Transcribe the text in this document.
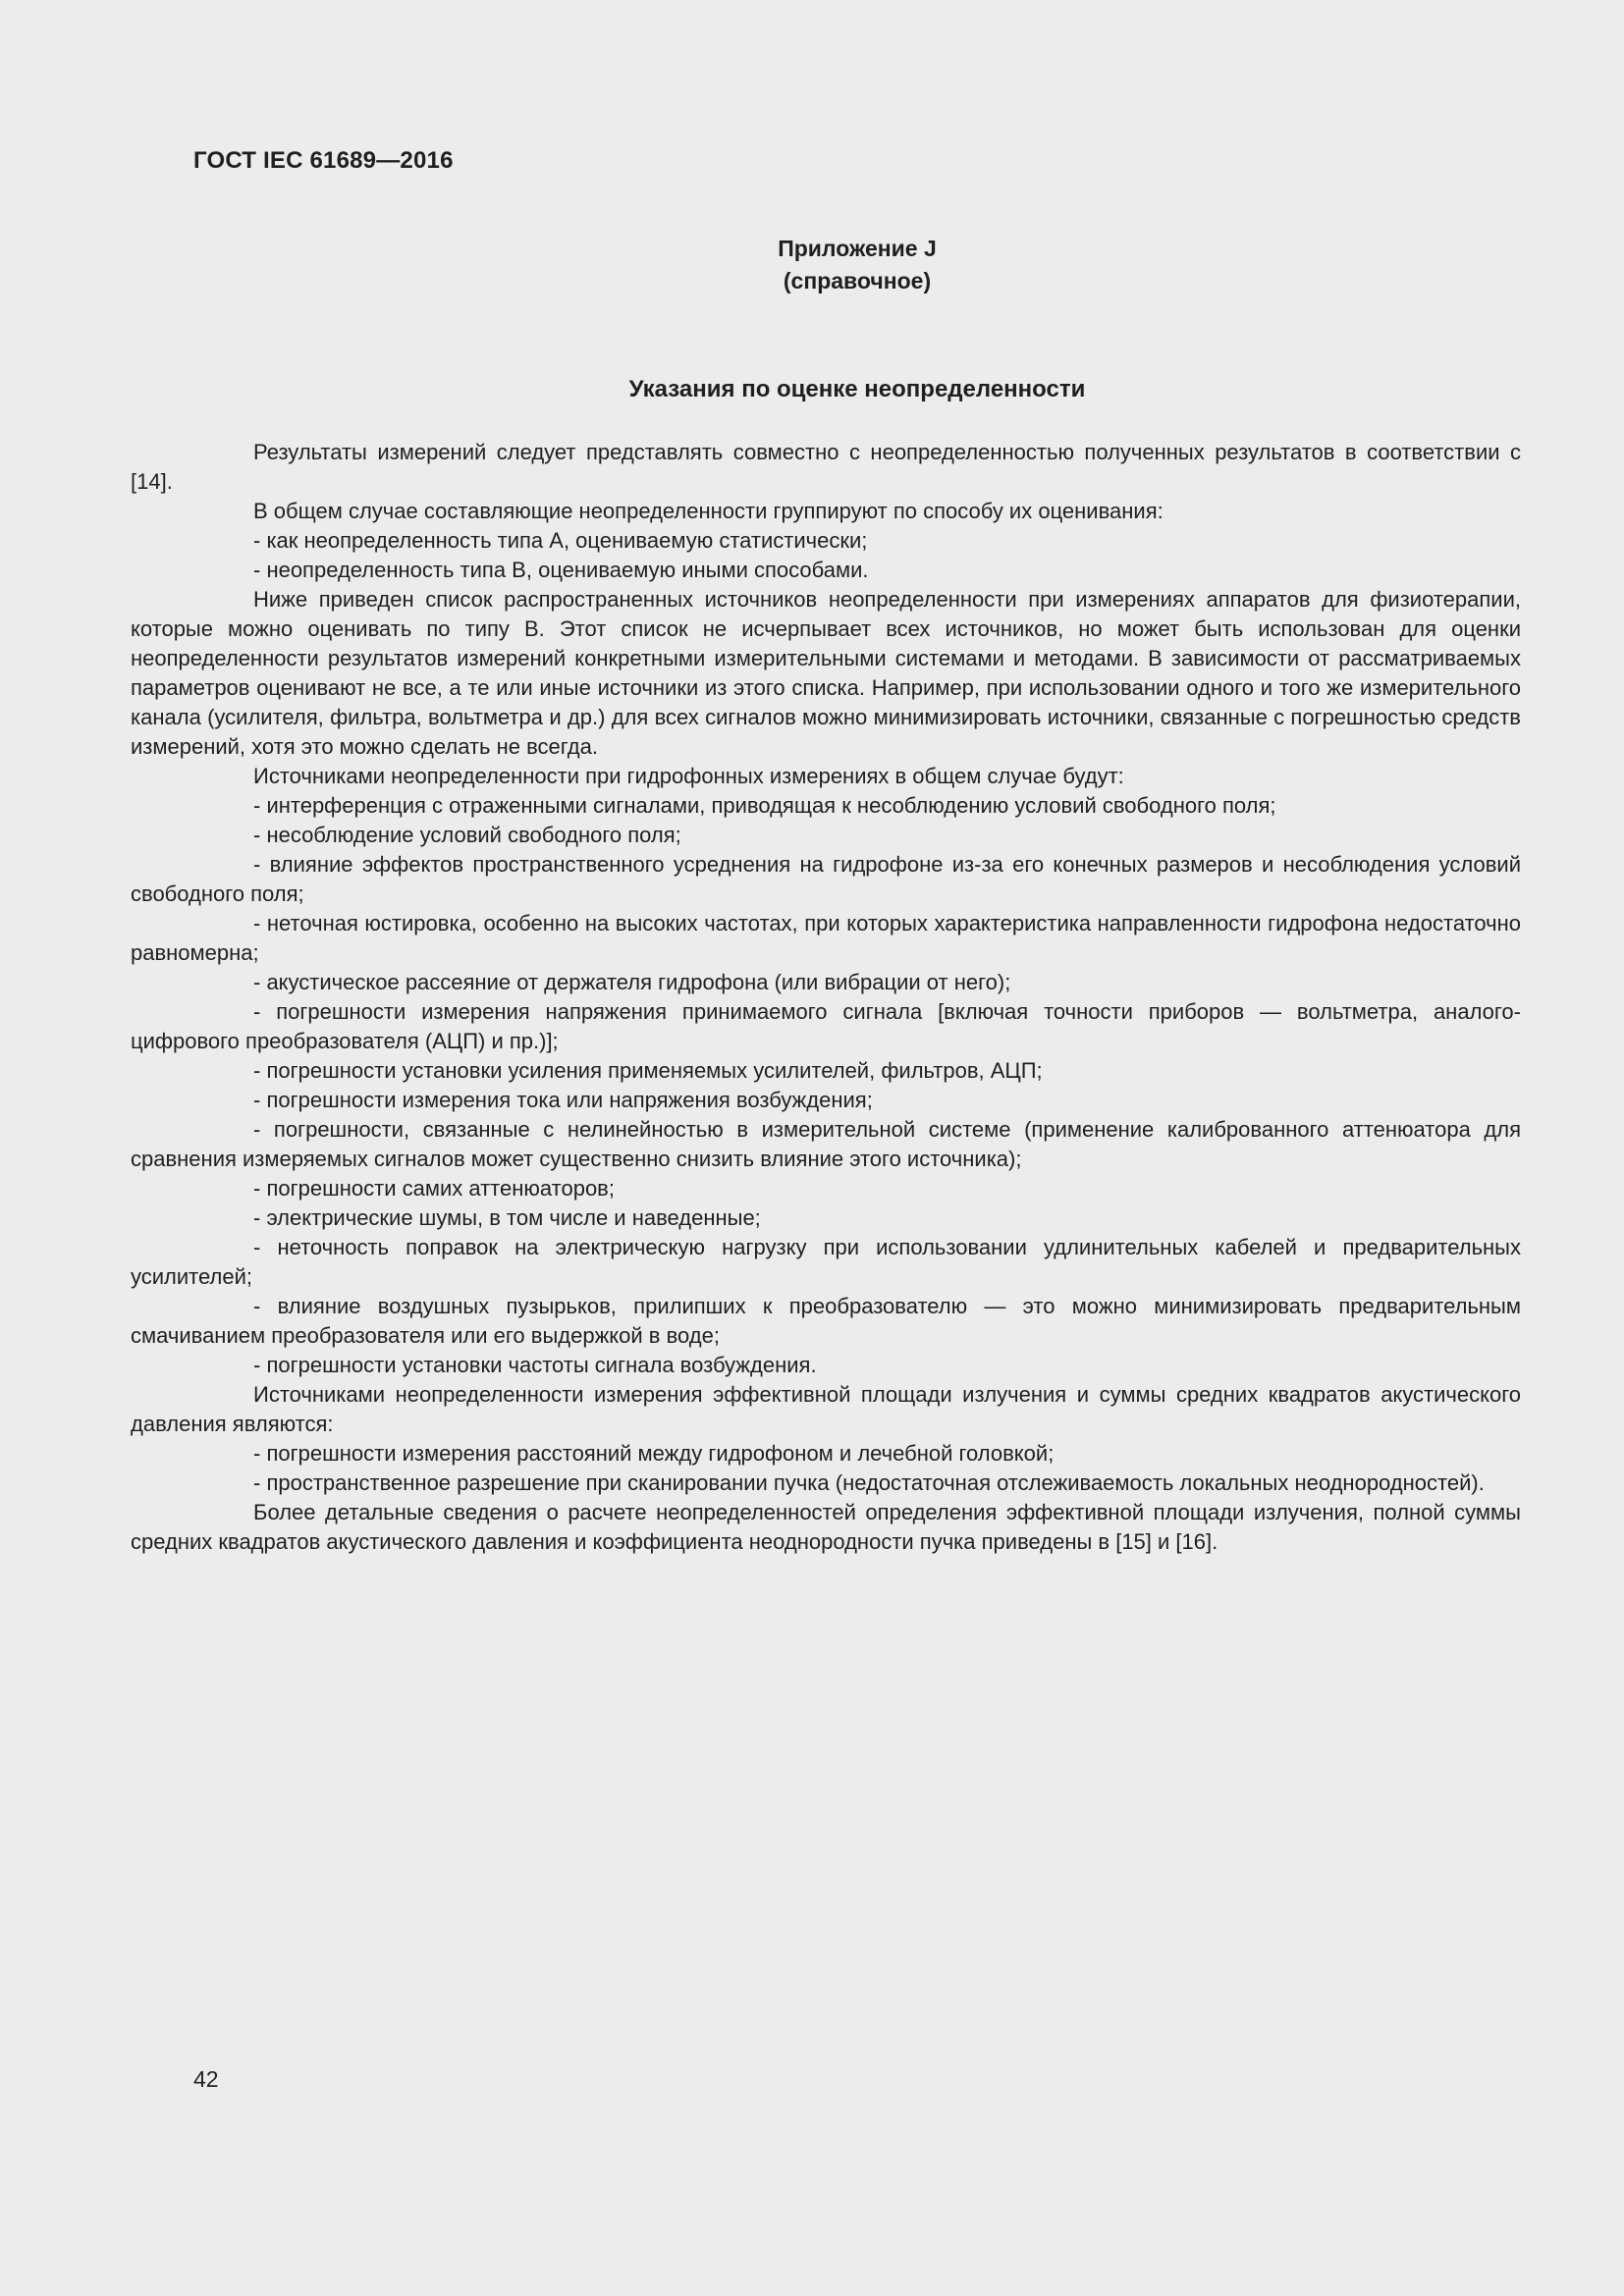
ГОСТ IEC 61689—2016
Приложение J
(справочное)
Указания по оценке неопределенности

Результаты измерений следует представлять совместно с неопределенностью полученных результатов в соответствии с [14].

В общем случае составляющие неопределенности группируют по способу их оценивания:

- как неопределенность типа А, оцениваемую статистически;

- неопределенность типа В, оцениваемую иными способами.

Ниже приведен список распространенных источников неопределенности при измерениях аппаратов для физиотерапии, которые можно оценивать по типу В. Этот список не исчерпывает всех источников, но может быть использован для оценки неопределенности результатов измерений конкретными измерительными системами и методами. В зависимости от рассматриваемых параметров оценивают не все, а те или иные источники из этого списка. Например, при использовании одного и того же измерительного канала (усилителя, фильтра, вольтметра и др.) для всех сигналов можно минимизировать источники, связанные с погрешностью средств измерений, хотя это можно сделать не всегда.

Источниками неопределенности при гидрофонных измерениях в общем случае будут:

- интерференция с отраженными сигналами, приводящая к несоблюдению условий свободного поля;

- несоблюдение условий свободного поля;

- влияние эффектов пространственного усреднения на гидрофоне из-за его конечных размеров и несоблюдения условий свободного поля;

- неточная юстировка, особенно на высоких частотах, при которых характеристика направленности гидрофона недостаточно равномерна;

- акустическое рассеяние от держателя гидрофона (или вибрации от него);

- погрешности измерения напряжения принимаемого сигнала [включая точности приборов — вольтметра, аналого-цифрового преобразователя (АЦП) и пр.)];

- погрешности установки усиления применяемых усилителей, фильтров, АЦП;

- погрешности измерения тока или напряжения возбуждения;

- погрешности, связанные с нелинейностью в измерительной системе (применение калиброванного аттенюатора для сравнения измеряемых сигналов может существенно снизить влияние этого источника);

- погрешности самих аттенюаторов;

- электрические шумы, в том числе и наведенные;

- неточность поправок на электрическую нагрузку при использовании удлинительных кабелей и предварительных усилителей;

- влияние воздушных пузырьков, прилипших к преобразователю — это можно минимизировать предварительным смачиванием преобразователя или его выдержкой в воде;

- погрешности установки частоты сигнала возбуждения.

Источниками неопределенности измерения эффективной площади излучения и суммы средних квадратов акустического давления являются:

- погрешности измерения расстояний между гидрофоном и лечебной головкой;

- пространственное разрешение при сканировании пучка (недостаточная отслеживаемость локальных неоднородностей).

Более детальные сведения о расчете неопределенностей определения эффективной площади излучения, полной суммы средних квадратов акустического давления и коэффициента неоднородности пучка приведены в [15] и [16].

42
